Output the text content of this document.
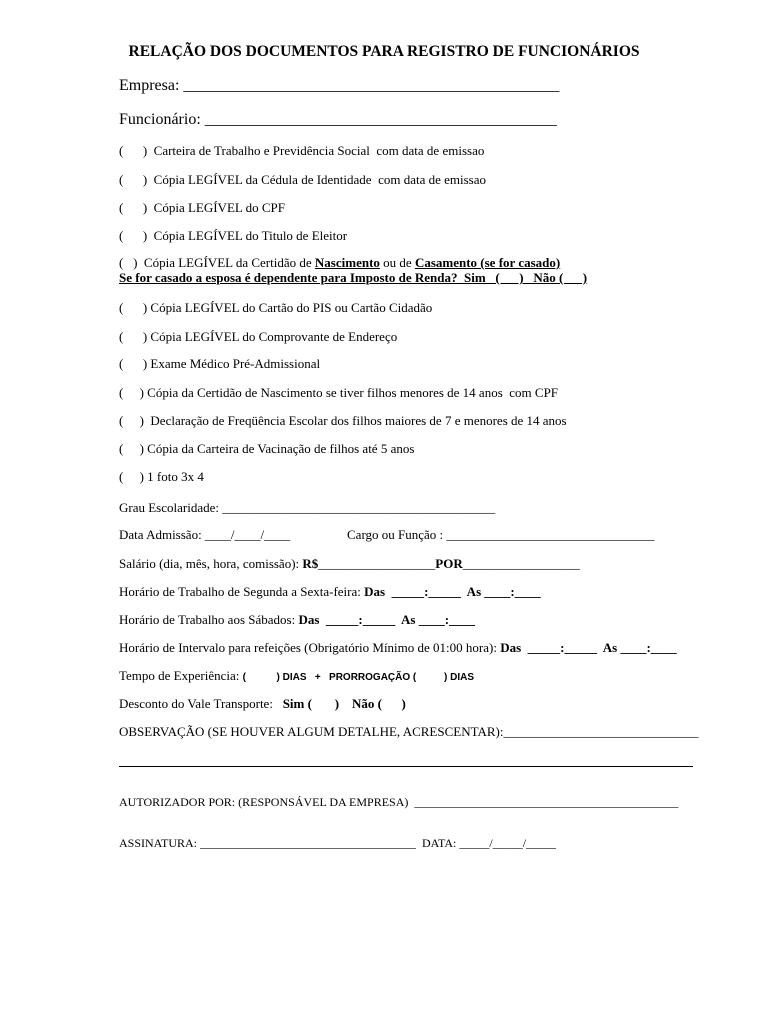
RELAÇÃO DOS DOCUMENTOS PARA REGISTRO DE FUNCIONÁRIOS
Empresa: _______________________________________________
Funcionário: ____________________________________________
(      )  Carteira de Trabalho e Previdência Social  com data de emissao
(      )  Cópia LEGÍVEL da Cédula de Identidade  com data de emissao
(      )  Cópia LEGÍVEL do CPF
(      )  Cópia LEGÍVEL do Titulo de Eleitor
(   )  Cópia LEGÍVEL da Certidão de Nascimento ou de Casamento (se for casado)
Se for casado a esposa é dependente para Imposto de Renda?  Sim   (      )   Não (      )
(      ) Cópia LEGÍVEL do Cartão do PIS ou Cartão Cidadão
(      ) Cópia LEGÍVEL do Comprovante de Endereço
(      ) Exame Médico Pré-Admissional
(     ) Cópia da Certidão de Nascimento se tiver filhos menores de 14 anos  com CPF
(     )  Declaração de Freqüência Escolar dos filhos maiores de 7 e menores de 14 anos
(     ) Cópia da Carteira de Vacinação de filhos até 5 anos
(     ) 1 foto 3x 4
Grau Escolaridade: __________________________________________
Data Admissão: ____/____/____	Cargo ou Função : ________________________________
Salário (dia, mês, hora, comissão): R$__________________POR__________________
Horário de Trabalho de Segunda a Sexta-feira: Das  _____:_____  As ____:____
Horário de Trabalho aos Sábados: Das  _____:_____  As ____:____
Horário de Intervalo para refeições (Obrigatório Mínimo de 01:00 hora): Das  _____:_____  As ____:____
Tempo de Experiência: (           ) DIAS   +   PRORROGAÇÃO (          ) DIAS
Desconto do Vale Transporte:   Sim (       )    Não (      )
OBSERVAÇÃO (SE HOUVER ALGUM DETALHE, ACRESCENTAR):______________________________
AUTORIZADOR POR: (RESPONSÁVEL DA EMPRESA)  ____________________________________________
ASSINATURA: ____________________________________ DATA: _____/_____/_____
